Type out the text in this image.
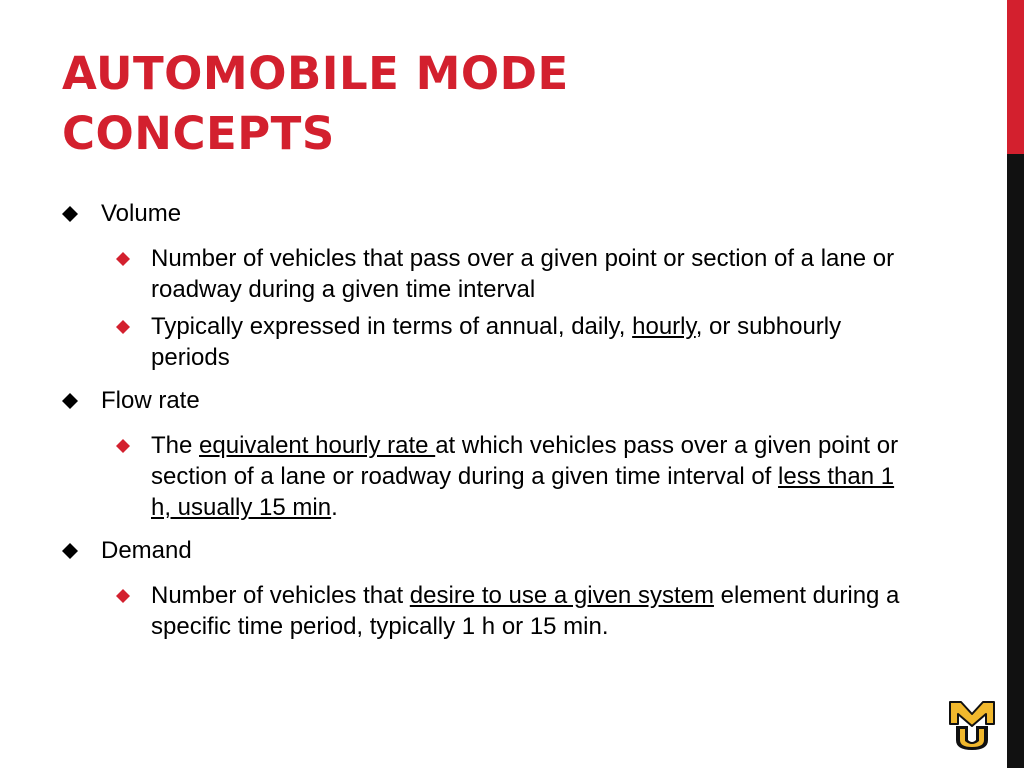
AUTOMOBILE MODE
CONCEPTS
Volume
Number of vehicles that pass over a given point or section of a lane or roadway during a given time interval
Typically expressed in terms of annual, daily, hourly, or subhourly periods
Flow rate
The equivalent hourly rate at which vehicles pass over a given point or section of a lane or roadway during a given time interval of less than 1 h, usually 15 min.
Demand
Number of vehicles that desire to use a given system element during a specific time period, typically 1 h or 15 min.
